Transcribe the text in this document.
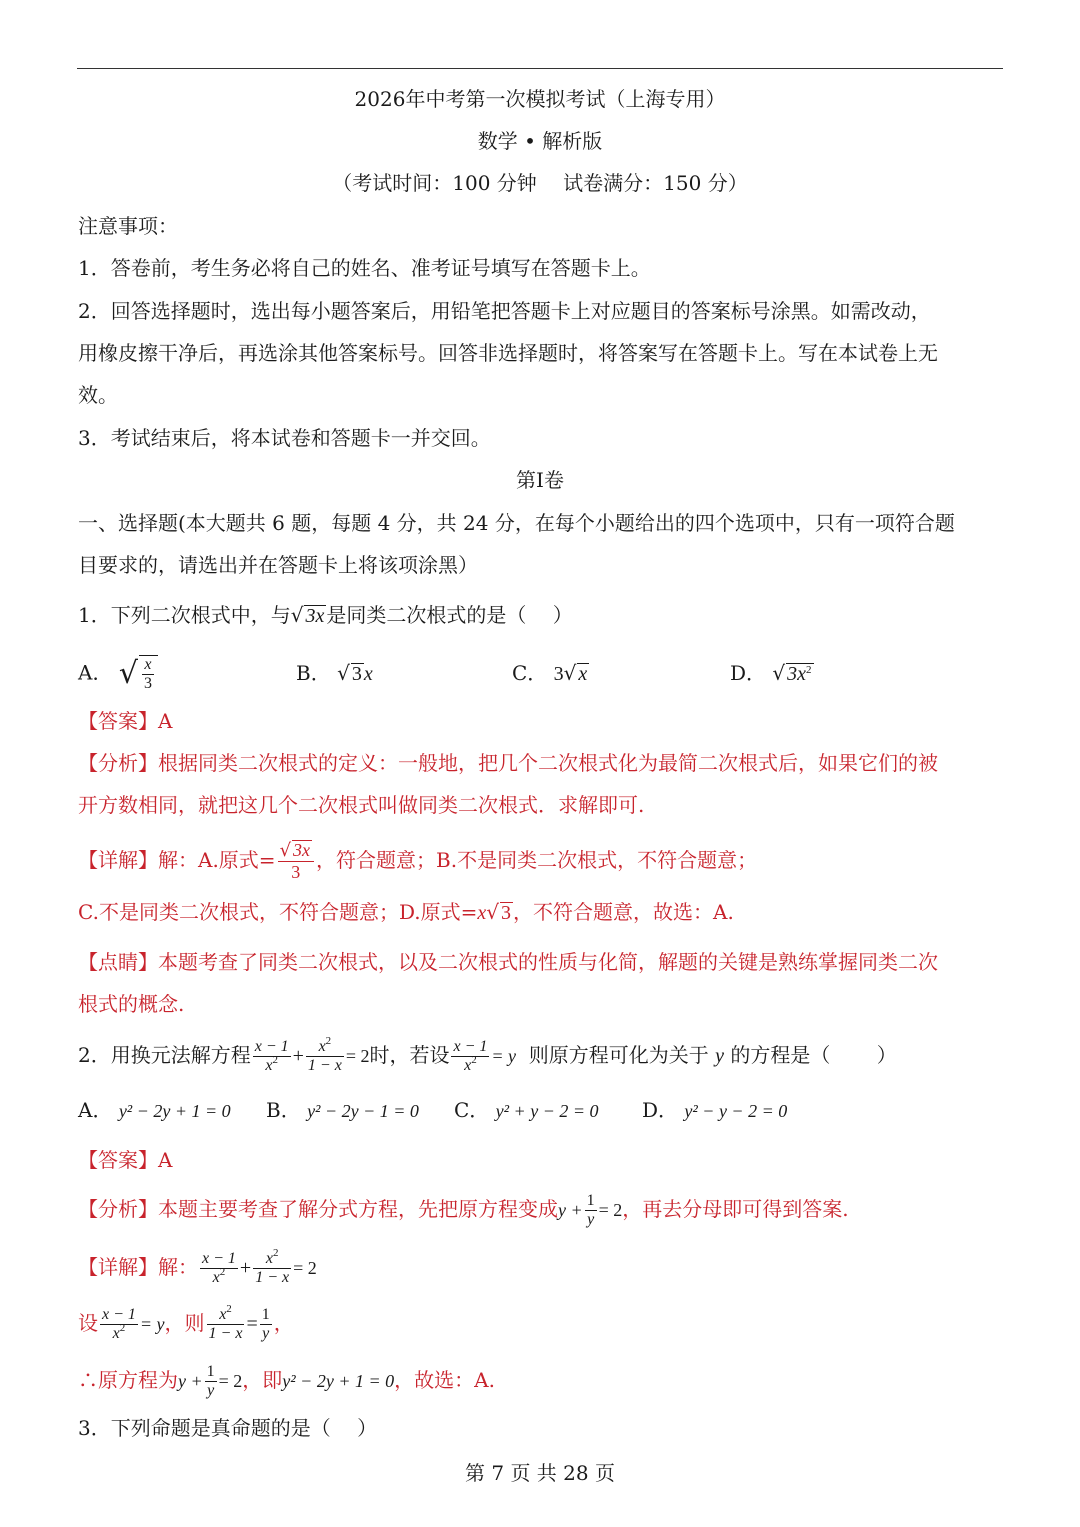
2026年中考第一次模拟考试（上海专用）
数学 • 解析版
（考试时间：100 分钟　 试卷满分：150 分）
注意事项：
1．答卷前，考生务必将自己的姓名、准考证号填写在答题卡上。
2．回答选择题时，选出每小题答案后，用铅笔把答题卡上对应题目的答案标号涂黑。如需改动，
用橡皮擦干净后，再选涂其他答案标号。回答非选择题时，将答案写在答题卡上。写在本试卷上无
效。
3．考试结束后，将本试卷和答题卡一并交回。
第Ⅰ卷
一、选择题(本大题共 6 题，每题 4 分，共 24 分，在每个小题给出的四个选项中，只有一项符合题
目要求的，请选出并在答题卡上将该项涂黑）
1．下列二次根式中，与√ 3x 是同类二次根式的是（　 ）
A． √ $\frac{x}{3}$	B． √ 3 x	C． 3√ x	D． √ $3x^2$
【答案】A
【分析】根据同类二次根式的定义：一般地，把几个二次根式化为最简二次根式后，如果它们的被
开方数相同，就把这几个二次根式叫做同类二次根式．求解即可.
【详解】解：A.原式= $\frac{√ 3x}{3}$ ，符合题意；B.不是同类二次根式，不符合题意；
C.不是同类二次根式，不符合题意；D.原式=x√ 3 ，不符合题意，故选：A.
【点睛】本题考查了同类二次根式，以及二次根式的性质与化简，解题的关键是熟练掌握同类二次
根式的概念.
2．用换元法解方程 $\frac{x - 1}{x^2} + \frac{x^2}{1 - x} = 2$时，若设 $\frac{x - 1}{x^2} = y$ 则原方程可化为关于 y 的方程是（　　 ）
A． y² − 2y + 1 = 0 B． y² − 2y − 1 = 0 C． y² + y − 2 = 0 D． y² − y − 2 = 0
【答案】A
【分析】本题主要考查了解分式方程，先把原方程变成$y + \frac{1}{y} = 2$，再去分母即可得到答案.
【详解】解： $\frac{x - 1}{x^2} + \frac{x^2}{1 - x} = 2$
设 $\frac{x - 1}{x^2} = y$，则 $\frac{x^2}{1 - x} = \frac{1}{y}$ ，
∴原方程为$y + \frac{1}{y} = 2$，即y² − 2y + 1 = 0，故选：A.
3．下列命题是真命题的是（　 ）
第 7 页 共 28 页
